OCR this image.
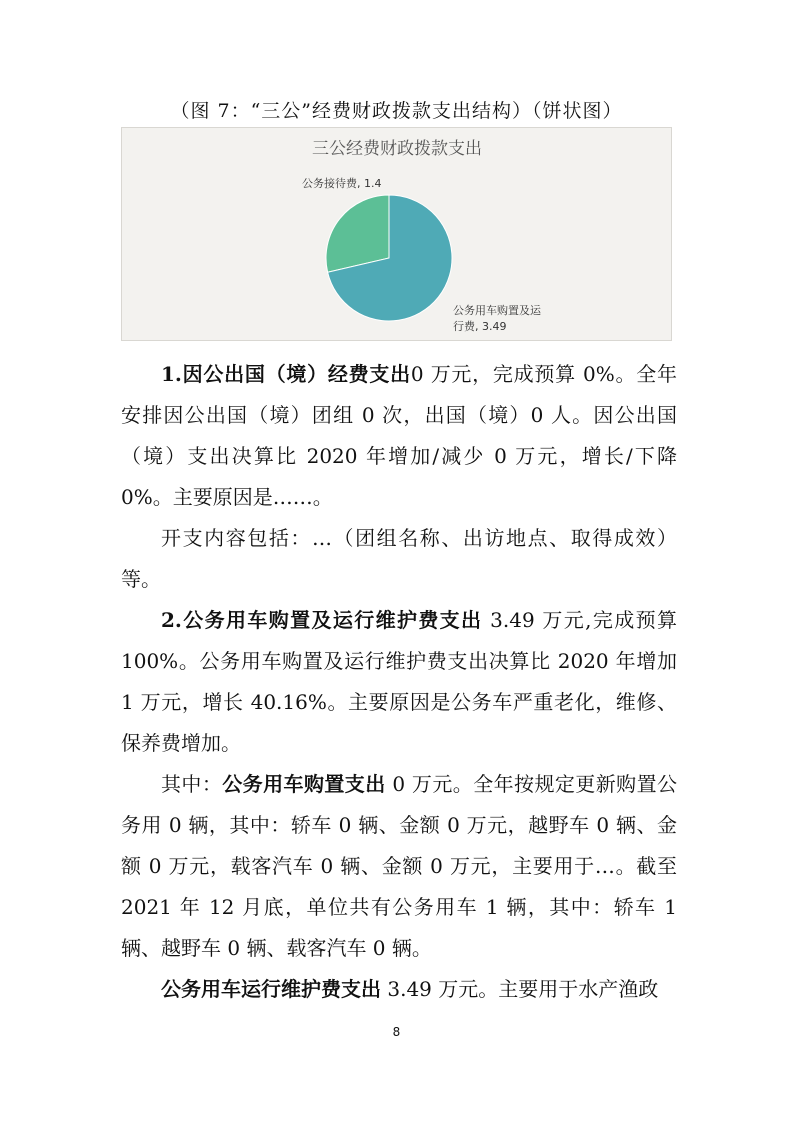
（图 7：“三公”经费财政拨款支出结构）（饼状图）
三公经费财政拨款支出
公务接待费, 1.4
公务用车购置及运
行费, 3.49
1.因公出国（境）经费支出0 万元，完成预算 0%。全年安排因公出国（境）团组 0 次，出国（境）0 人。因公出国（境）支出决算比 2020 年增加/减少 0 万元，增长/下降 0%。主要原因是……。
开支内容包括：…（团组名称、出访地点、取得成效）等。
2.公务用车购置及运行维护费支出 3.49 万元,完成预算100%。公务用车购置及运行维护费支出决算比 2020 年增加 1 万元，增长 40.16%。主要原因是公务车严重老化，维修、保养费增加。
其中：公务用车购置支出 0 万元。全年按规定更新购置公务用 0 辆，其中：轿车 0 辆、金额 0 万元，越野车 0 辆、金额 0 万元，载客汽车 0 辆、金额 0 万元，主要用于…。截至 2021 年 12 月底，单位共有公务用车 1 辆，其中：轿车 1 辆、越野车 0 辆、载客汽车 0 辆。
公务用车运行维护费支出 3.49 万元。主要用于水产渔政
8
